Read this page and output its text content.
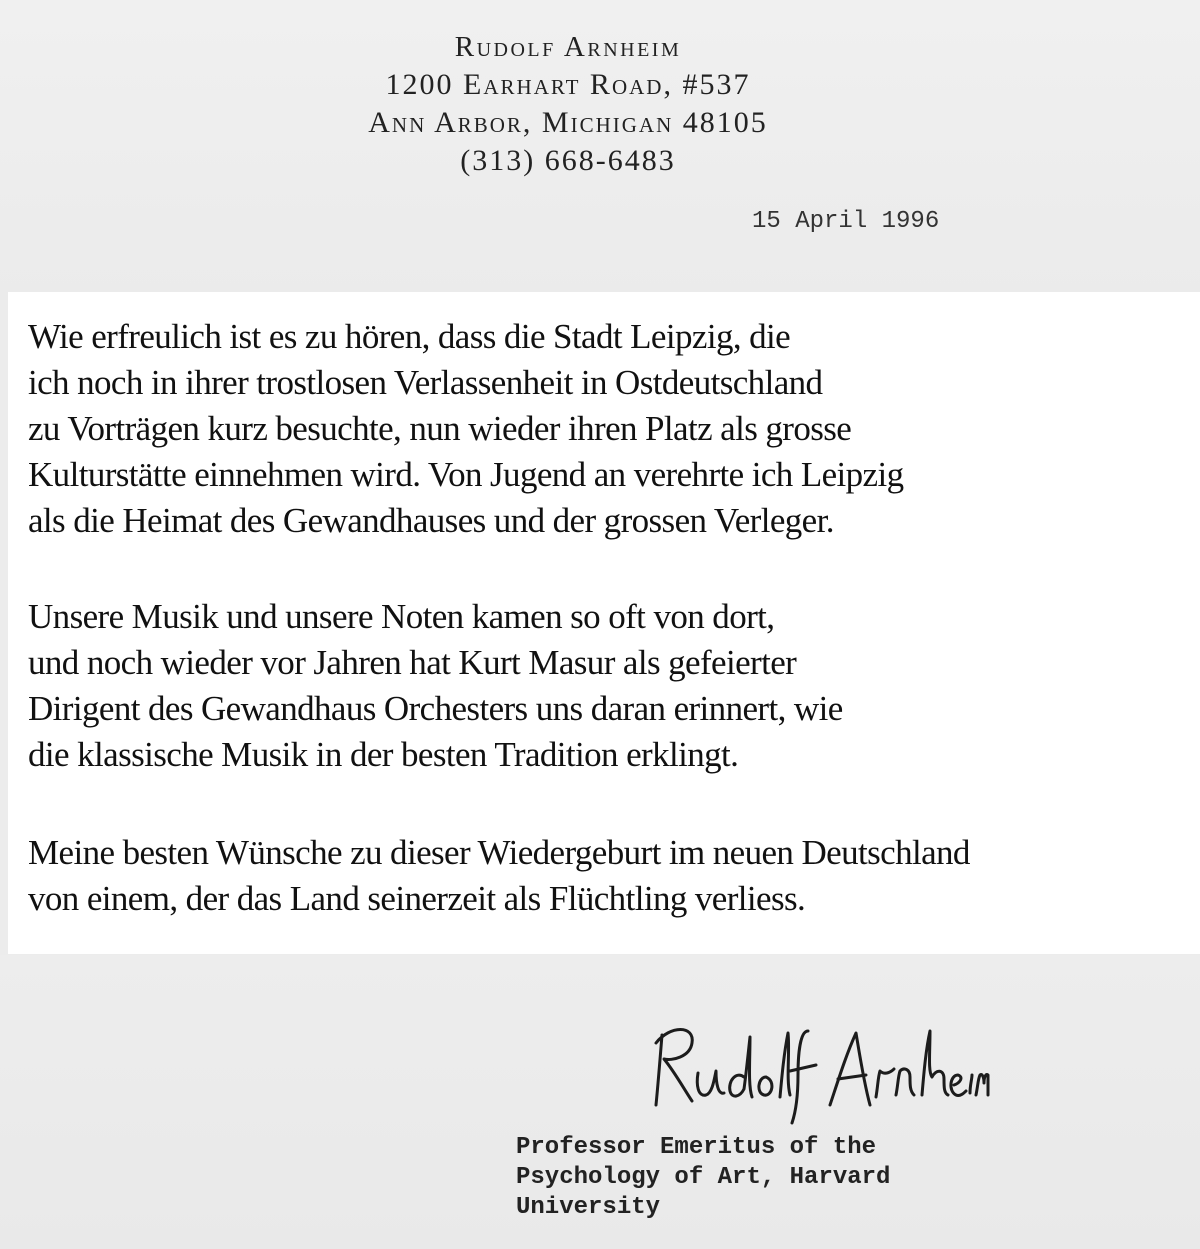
Rudolf Arnheim
1200 Earhart Road, #537
Ann Arbor, Michigan 48105
(313) 668-6483
15 April 1996
Wie erfreulich ist es zu hören, dass die Stadt Leipzig, die
ich noch in ihrer trostlosen Verlassenheit in Ostdeutschland
zu Vorträgen kurz besuchte, nun wieder ihren Platz als grosse
Kulturstätte einnehmen wird. Von Jugend an verehrte ich Leipzig
als die Heimat des Gewandhauses und der grossen Verleger.
Unsere Musik und unsere Noten kamen so oft von dort,
und noch wieder vor Jahren hat Kurt Masur als gefeierter
Dirigent des Gewandhaus Orchesters uns daran erinnert, wie
die klassische Musik in der besten Tradition erklingt.
Meine besten Wünsche zu dieser Wiedergeburt im neuen Deutschland
von einem, der das Land seinerzeit als Flüchtling verliess.
Professor Emeritus of the
Psychology of Art, Harvard
University
